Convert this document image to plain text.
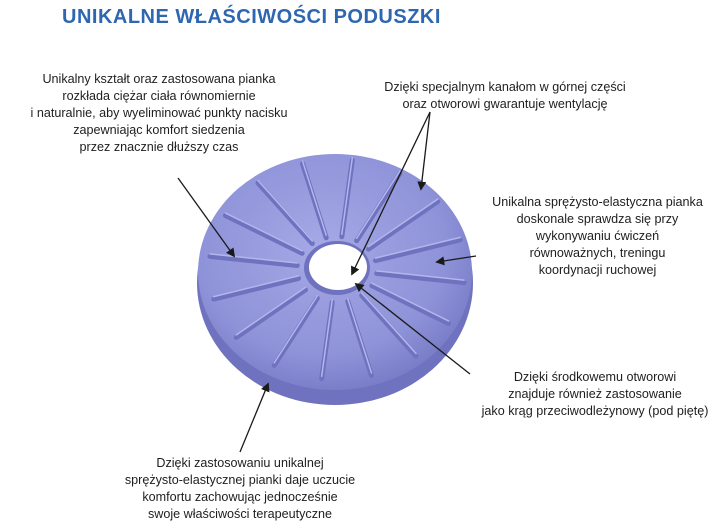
UNIKALNE WŁAŚCIWOŚCI PODUSZKI
Unikalny kształt oraz zastosowana pianka
rozkłada ciężar ciała równomiernie
i naturalnie, aby wyeliminować punkty nacisku
zapewniając komfort siedzenia
przez znacznie dłuższy czas
Dzięki specjalnym kanałom w górnej części
oraz otworowi gwarantuje wentylację
Unikalna sprężysto-elastyczna pianka
doskonale sprawdza się przy
wykonywaniu ćwiczeń
równoważnych, treningu
koordynacji ruchowej
Dzięki środkowemu otworowi
znajduje również zastosowanie
jako krąg przeciwodleżynowy (pod piętę)
Dzięki zastosowaniu unikalnej
sprężysto-elastycznej pianki daje uczucie
komfortu zachowując jednocześnie
swoje właściwości terapeutyczne
